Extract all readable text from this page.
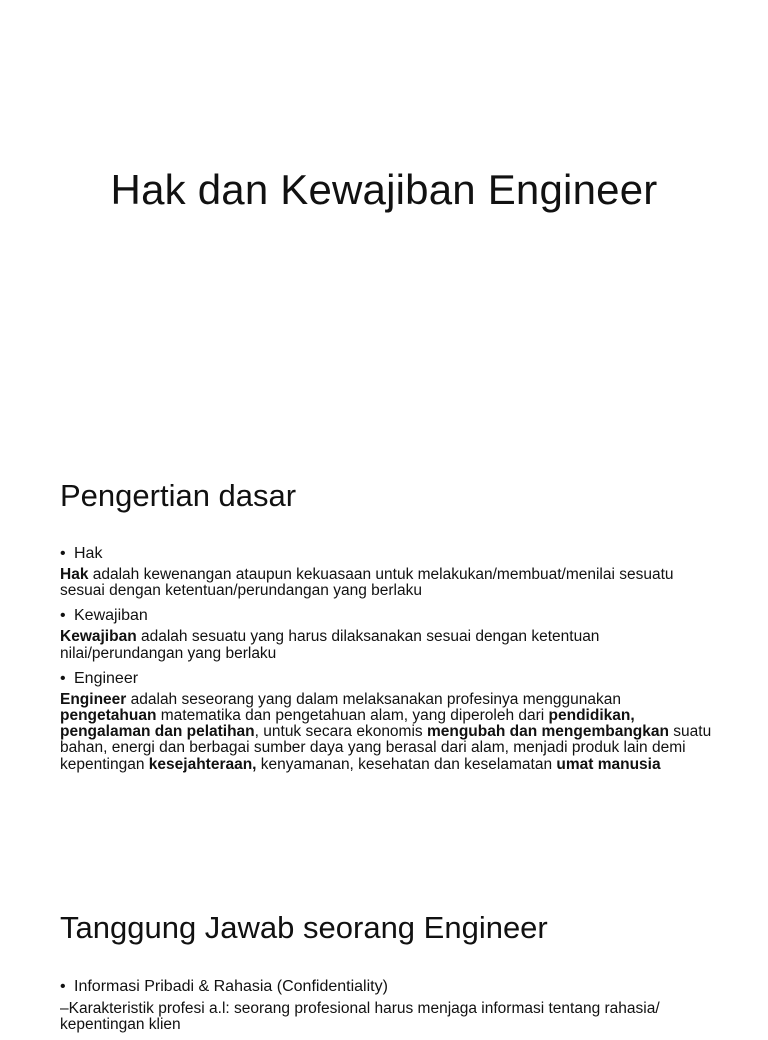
Hak dan Kewajiban Engineer
Pengertian dasar
• Hak

Hak adalah kewenangan ataupun kekuasaan untuk melakukan/membuat/menilai sesuatu sesuai dengan ketentuan/perundangan yang berlaku

• Kewajiban

Kewajiban adalah sesuatu yang harus dilaksanakan sesuai dengan ketentuan nilai/perundangan yang berlaku

• Engineer

Engineer adalah seseorang yang dalam melaksanakan profesinya menggunakan pengetahuan matematika dan pengetahuan alam, yang diperoleh dari pendidikan, pengalaman dan pelatihan, untuk secara ekonomis mengubah dan mengembangkan suatu bahan, energi dan berbagai sumber daya yang berasal dari alam, menjadi produk lain demi kepentingan kesejahteraan, kenyamanan, kesehatan dan keselamatan umat manusia

Tanggung Jawab seorang Engineer
• Informasi Pribadi & Rahasia (Confidentiality)

–Karakteristik profesi a.l: seorang profesional harus menjaga informasi tentang rahasia/ kepentingan klien
